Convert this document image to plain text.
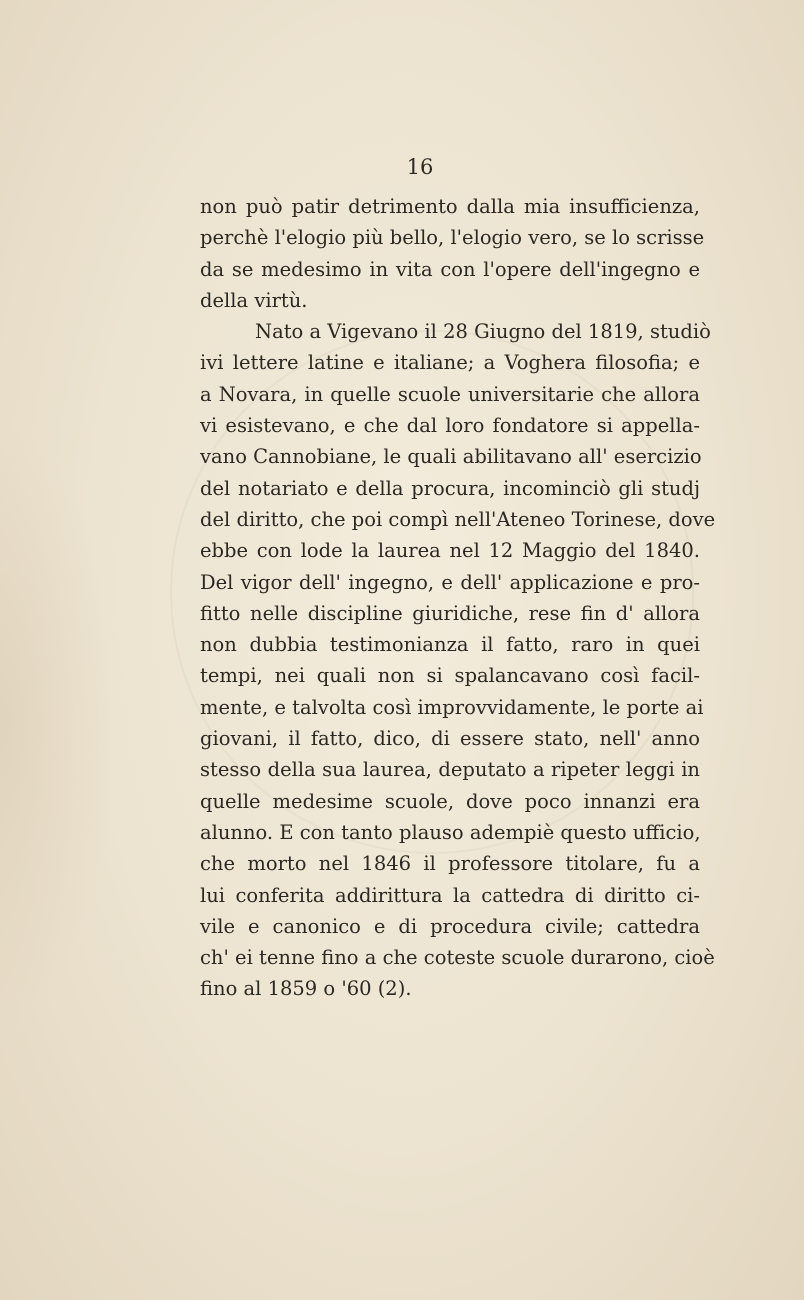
16
non può patir detrimento dalla mia insufficienza,
perchè l'elogio più bello, l'elogio vero, se lo scrisse
da se medesimo in vita con l'opere dell'ingegno e
della virtù.
Nato a Vigevano il 28 Giugno del 1819, studiò
ivi lettere latine e italiane; a Voghera filosofia; e
a Novara, in quelle scuole universitarie che allora
vi esistevano, e che dal loro fondatore si appella-
vano Cannobiane, le quali abilitavano all' esercizio
del notariato e della procura, incominciò gli studj
del diritto, che poi compì nell'Ateneo Torinese, dove
ebbe con lode la laurea nel 12 Maggio del 1840.
Del vigor dell' ingegno, e dell' applicazione e pro-
fitto nelle discipline giuridiche, rese fin d' allora
non dubbia testimonianza il fatto, raro in quei
tempi, nei quali non si spalancavano così facil-
mente, e talvolta così improvvidamente, le porte ai
giovani, il fatto, dico, di essere stato, nell' anno
stesso della sua laurea, deputato a ripeter leggi in
quelle medesime scuole, dove poco innanzi era
alunno. E con tanto plauso adempiè questo ufficio,
che morto nel 1846 il professore titolare, fu a
lui conferita addirittura la cattedra di diritto ci-
vile e canonico e di procedura civile; cattedra
ch' ei tenne fino a che coteste scuole durarono, cioè
fino al 1859 o '60 (2).
